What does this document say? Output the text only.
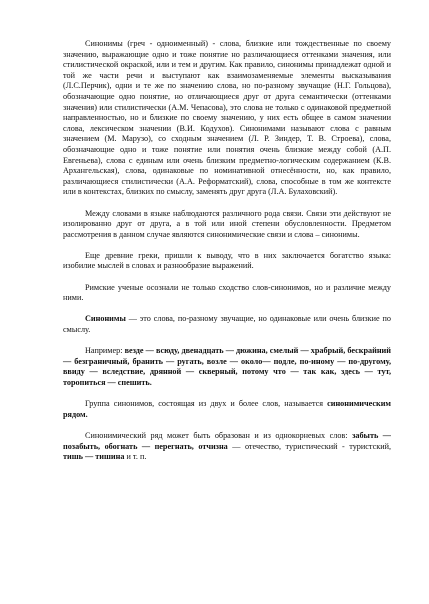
Синонимы (греч - одноименный) - слова, близкие или тождественные по своему значению, выражающие одно и тоже понятие но различающиеся оттенками значения, или стилистической окраской, или и тем и другим. Как правило, синонимы принадлежат одной и той же части речи и выступают как взаимозаменяемые элементы высказывания (Л.С.Перчик), одни и те же по значению слова, но по-разному звучащие (Н.Г. Гольцова), обозначающие одно понятие, но отличающиеся друг от друга семантически (оттенками значения) или стилистически (А.М. Чепасова), это слова не только с одинаковой предметной направленностью, но и близкие по своему значению, у них есть общее в самом значении слова, лексическом значении (В.И. Кодухов). Синонимами называют слова с равным значением (М. Марузо), со сходным значением (Л. Р. Зиндер, Т. В. Строева), слова, обозначающие одно и тоже понятие или понятия очень близкие между собой (А.П. Евгеньева), слова с единым или очень близким предметно-логическим содержанием (К.В. Архангельская), слова, одинаковые по номинативной отнесённости, но, как правило, различающиеся стилистически (А.А. Реформатский), слова, способные в том же контексте или в контекстах, близких по смыслу, заменять друг друга (Л.А. Булаховский).

Между словами в языке наблюдаются различного рода связи. Связи эти действуют не изолированно друг от друга, а в той или иной степени обусловленности. Предметом рассмотрения в данном случае являются синонимические связи и слова – синонимы.

Еще древние греки, пришли к выводу, что в них заключается богатство языка: изобилие мыслей в словах и разнообразие выражений.

Римские ученые осознали не только сходство слов-синонимов, но и различие между ними.

Синонимы — это слова, по-разному звучащие, но одинаковые или очень близкие по смыслу.

Например: везде — всюду, двенадцать — дюжина, смелый — храбрый, бескрайний — безграничный, бранить — ругать, возле — около— подле, по-иному — по-другому, ввиду — вследствие, дрянной — скверный, потому что — так как, здесь — тут, торопиться — спешить.

Группа синонимов, состоящая из двух и более слов, называется синонимическим рядом.

Синонимический ряд может быть образован и из однокорневых слов: забыть — позабыть, обогнать — перегнать, отчизна — отечество, туристический - туристский, тишь — тишина и т. п.
